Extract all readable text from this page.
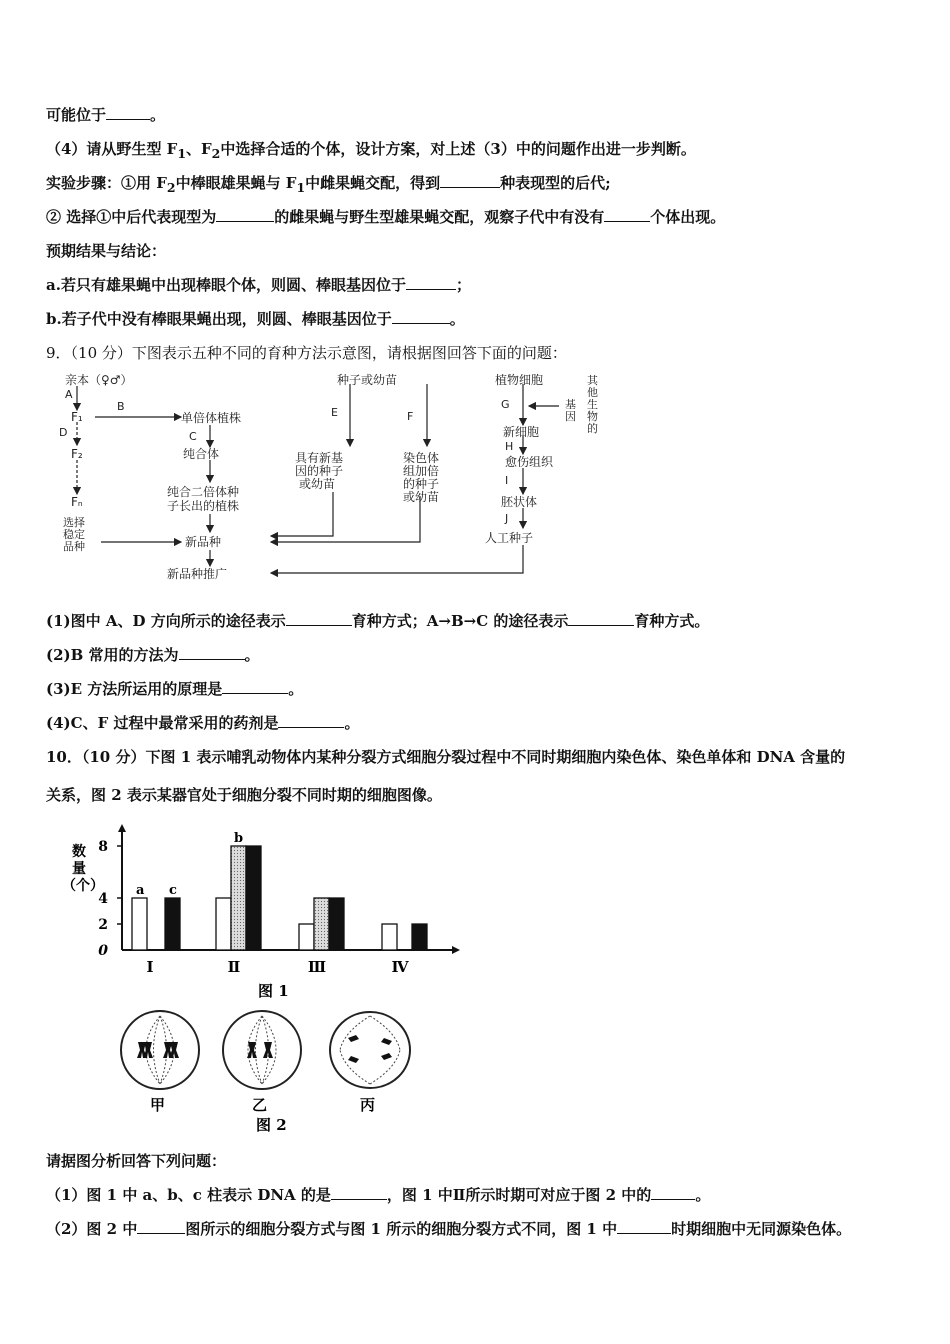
可能位于	。
（4）请从野生型 $F_1$、$F_2$中选择合适的个体，设计方案，对上述（3）中的问题作出进一步判断。
实验步骤：①用 $F_2$中棒眼雄果蝇与 $F_1$中雌果蝇交配，得到	种表现型的后代;
② 选择①中后代表现型为	的雌果蝇与野生型雄果蝇交配，观察子代中有没有	个体出现。
预期结果与结论：
a.若只有雄果蝇中出现棒眼个体，则圆、棒眼基因位于	；
b.若子代中没有棒眼果蝇出现，则圆、棒眼基因位于	。
9．（10 分）下图表示五种不同的育种方法示意图，请根据图回答下面的问题：
亲本（♀♂）
A
F₁
B
D
F₂
Fₙ
选择
稳定
品种
单倍体植株
C
纯合体
纯合二倍体种
子长出的植株
新品种
新品种推广
种子或幼苗
E	F
具有新基
因的种子
或幼苗
染色体
组加倍
的种子
或幼苗
植物细胞	其
他
生
物
的
基
因
G
新细胞
H
愈伤组织
I
胚状体
J
人工种子
(1)图中 A、D 方向所示的途径表示	育种方式；A→B→C 的途径表示	育种方式。
(2)B 常用的方法为	。
(3)E 方法所运用的原理是	。
(4)C、F 过程中最常采用的药剂是	。
10．（10 分）下图 1 表示哺乳动物体内某种分裂方式细胞分裂过程中不同时期细胞内染色体、染色单体和 DNA 含量的
关系，图 2 表示某器官处于细胞分裂不同时期的细胞图像。
数
量
（个）
0
2
4
8
a c
Ⅰ
b
Ⅱ	Ⅲ	Ⅳ
图 1
甲	乙	丙
图 2
请据图分析回答下列问题：
（1）图 1 中 a、b、c 柱表示 DNA 的是	，图 1 中Ⅱ所示时期可对应于图 2 中的	。
（2）图 2 中	图所示的细胞分裂方式与图 1 所示的细胞分裂方式不同，图 1 中	时期细胞中无同源染色体。
